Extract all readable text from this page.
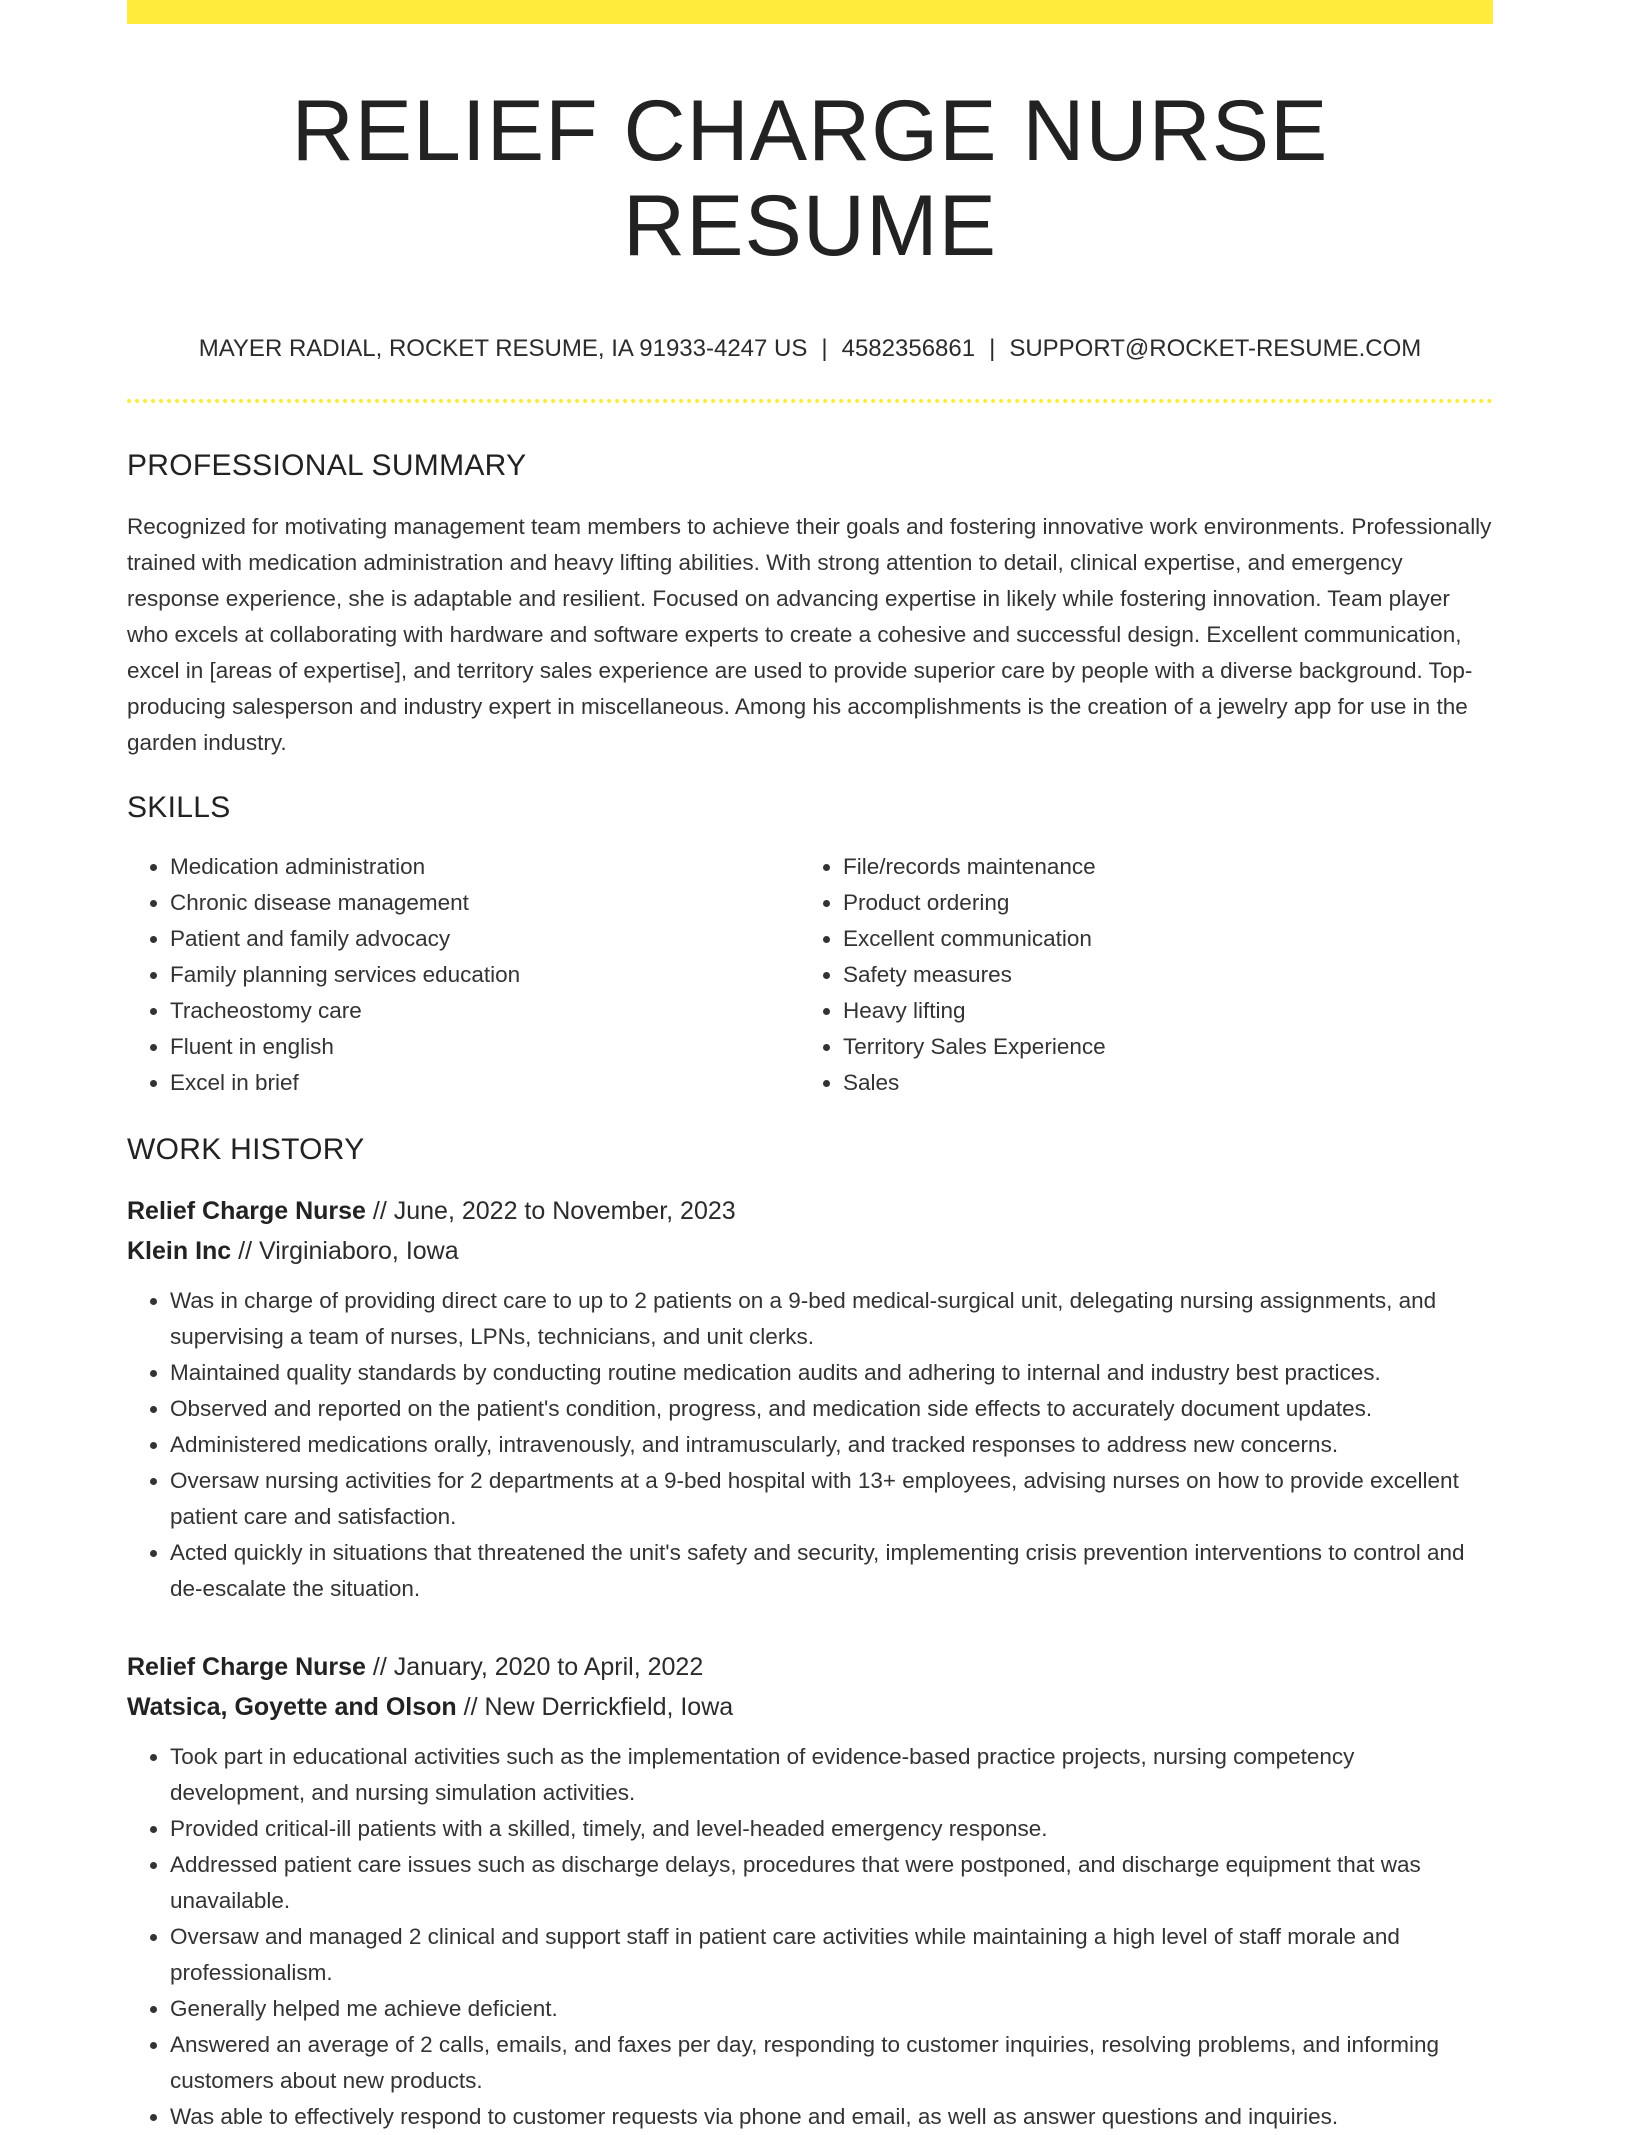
RELIEF CHARGE NURSE RESUME
MAYER RADIAL, ROCKET RESUME, IA 91933-4247 US | 4582356861 | SUPPORT@ROCKET-RESUME.COM
PROFESSIONAL SUMMARY

Recognized for motivating management team members to achieve their goals and fostering innovative work environments. Professionally trained with medication administration and heavy lifting abilities. With strong attention to detail, clinical expertise, and emergency response experience, she is adaptable and resilient. Focused on advancing expertise in likely while fostering innovation. Team player who excels at collaborating with hardware and software experts to create a cohesive and successful design. Excellent communication, excel in [areas of expertise], and territory sales experience are used to provide superior care by people with a diverse background. Top-producing salesperson and industry expert in miscellaneous. Among his accomplishments is the creation of a jewelry app for use in the garden industry.

SKILLS
• Medication administration
• Chronic disease management
• Patient and family advocacy
• Family planning services education
• Tracheostomy care
• Fluent in english
• Excel in brief
• File/records maintenance
• Product ordering
• Excellent communication
• Safety measures
• Heavy lifting
• Territory Sales Experience
• Sales
WORK HISTORY
Relief Charge Nurse // June, 2022 to November, 2023
Klein Inc // Virginiaboro, Iowa
• Was in charge of providing direct care to up to 2 patients on a 9-bed medical-surgical unit, delegating nursing assignments, and supervising a team of nurses, LPNs, technicians, and unit clerks.
• Maintained quality standards by conducting routine medication audits and adhering to internal and industry best practices.
• Observed and reported on the patient's condition, progress, and medication side effects to accurately document updates.
• Administered medications orally, intravenously, and intramuscularly, and tracked responses to address new concerns.
• Oversaw nursing activities for 2 departments at a 9-bed hospital with 13+ employees, advising nurses on how to provide excellent patient care and satisfaction.
• Acted quickly in situations that threatened the unit's safety and security, implementing crisis prevention interventions to control and de-escalate the situation.
Relief Charge Nurse // January, 2020 to April, 2022
Watsica, Goyette and Olson // New Derrickfield, Iowa
• Took part in educational activities such as the implementation of evidence-based practice projects, nursing competency development, and nursing simulation activities.
• Provided critical-ill patients with a skilled, timely, and level-headed emergency response.
• Addressed patient care issues such as discharge delays, procedures that were postponed, and discharge equipment that was unavailable.
• Oversaw and managed 2 clinical and support staff in patient care activities while maintaining a high level of staff morale and professionalism.
• Generally helped me achieve deficient.
• Answered an average of 2 calls, emails, and faxes per day, responding to customer inquiries, resolving problems, and informing customers about new products.
• Was able to effectively respond to customer requests via phone and email, as well as answer questions and inquiries.
